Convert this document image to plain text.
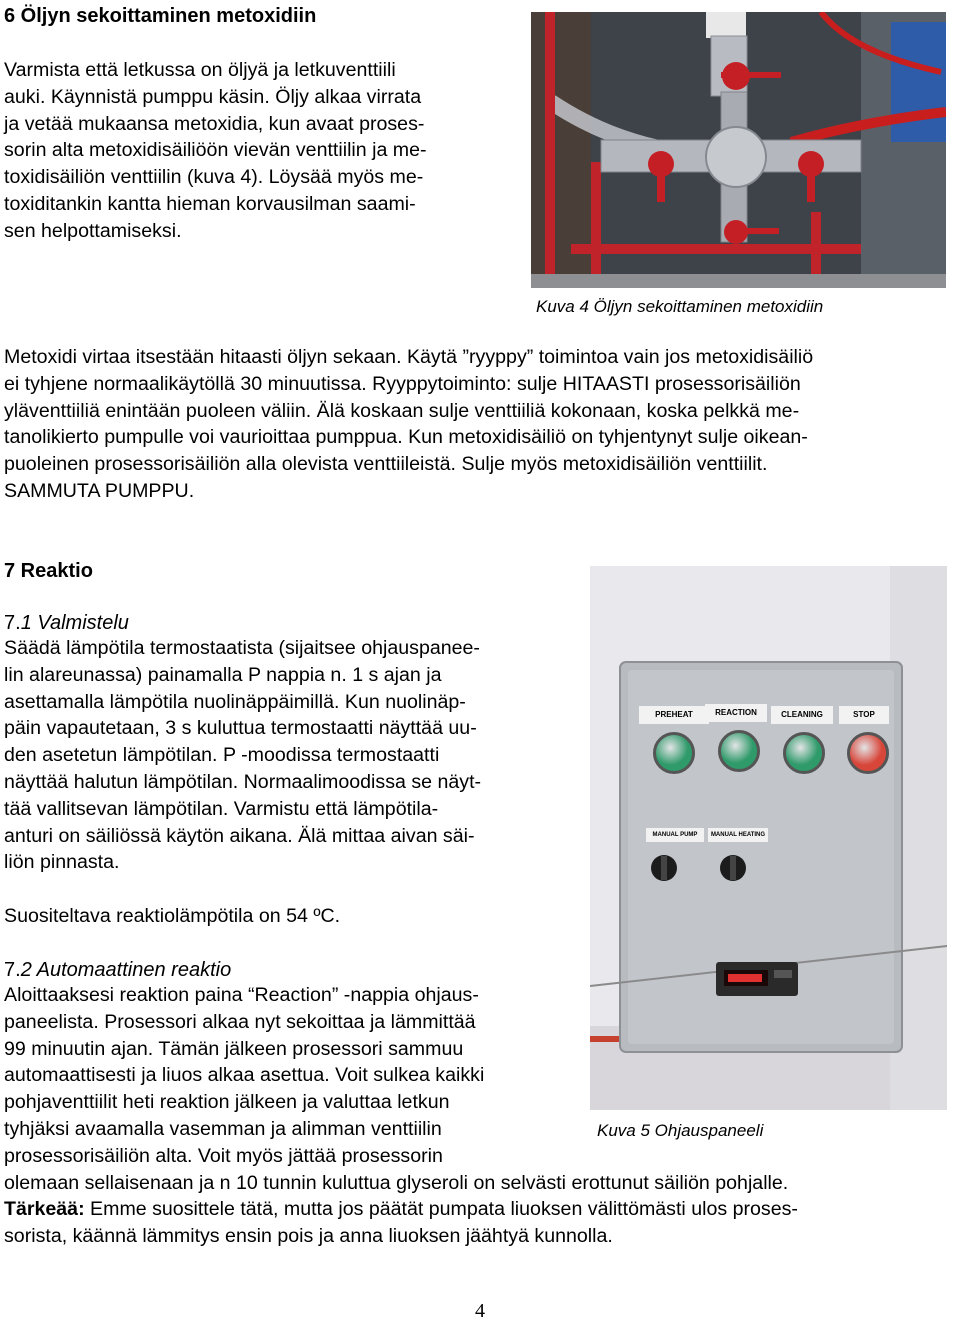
6 Öljyn sekoittaminen metoxidiin

Varmista että letkussa on öljyä ja letkuventtiili
auki. Käynnistä pumppu käsin. Öljy alkaa virrata
ja vetää mukaansa metoxidia, kun avaat proses-
sorin alta metoxidisäiliöön vievän venttiilin ja me-
toxidisäiliön venttiilin (kuva 4). Löysää myös me-
toxiditankin kantta hieman korvausilman saami-
sen helpottamiseksi.

Kuva 4 Öljyn sekoittaminen metoxidiin

Metoxidi virtaa itsestään hitaasti öljyn sekaan. Käytä ”ryyppy” toimintoa vain jos metoxidisäiliö
ei tyhjene normaalikäytöllä 30 minuutissa. Ryyppytoiminto: sulje HITAASTI prosessorisäiliön
yläventtiiliä enintään puoleen väliin. Älä koskaan sulje venttiiliä kokonaan, koska pelkkä me-
tanolikierto pumpulle voi vaurioittaa pumppua. Kun metoxidisäiliö on tyhjentynyt sulje oikean-
puoleinen prosessorisäiliön alla olevista venttiileistä. Sulje myös metoxidisäiliön venttiilit.
SAMMUTA PUMPPU.

7 Reaktio
7.1 Valmistelu

Säädä lämpötila termostaatista (sijaitsee ohjauspanee-
lin alareunassa) painamalla P nappia n. 1 s ajan ja
asettamalla lämpötila nuolinäppäimillä. Kun nuolinäp-
päin vapautetaan, 3 s kuluttua termostaatti näyttää uu-
den asetetun lämpötilan. P -moodissa termostaatti
näyttää halutun lämpötilan. Normaalimoodissa se näyt-
tää vallitsevan lämpötilan. Varmistu että lämpötila-
anturi on säiliössä käytön aikana. Älä mittaa aivan säi-
liön pinnasta.

Suositeltava reaktiolämpötila on 54 ºC.

7.2 Automaattinen reaktio

Aloittaaksesi reaktion paina “Reaction” -nappia ohjaus-
paneelista. Prosessori alkaa nyt sekoittaa ja lämmittää
99 minuutin ajan. Tämän jälkeen prosessori sammuu
automaattisesti ja liuos alkaa asettua. Voit sulkea kaikki
pohjaventtiilit heti reaktion jälkeen ja valuttaa letkun
tyhjäksi avaamalla vasemman ja alimman venttiilin
prosessorisäiliön alta. Voit myös jättää prosessorin
olemaan sellaisenaan ja n 10 tunnin kuluttua glyseroli on selvästi erottunut säiliön pohjalle.
Tärkeää: Emme suosittele tätä, mutta jos päätät pumpata liuoksen välittömästi ulos proses-
sorista, käännä lämmitys ensin pois ja anna liuoksen jäähtyä kunnolla.

PREHEAT	REACTION	CLEANING	STOP
MANUAL PUMP	MANUAL HEATING
Kuva 5 Ohjauspaneeli
4
